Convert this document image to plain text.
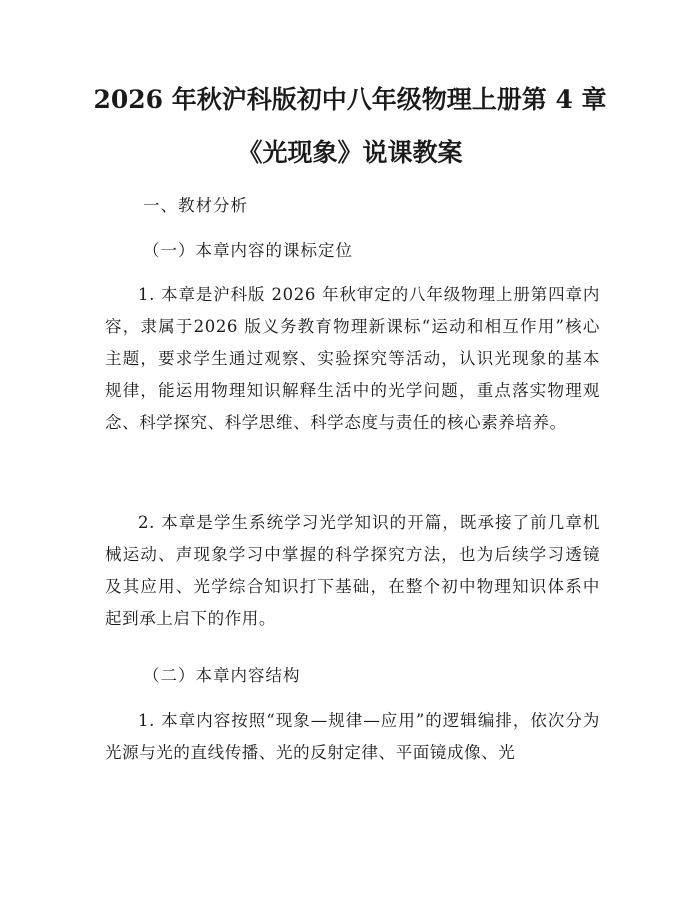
2026 年秋沪科版初中八年级物理上册第 4 章
《光现象》说课教案

一、教材分析

（一）本章内容的课标定位

1. 本章是沪科版 2026 年秋审定的八年级物理上册第四章内容，隶属于2026 版义务教育物理新课标“运动和相互作用”核心主题，要求学生通过观察、实验探究等活动，认识光现象的基本规律，能运用物理知识解释生活中的光学问题，重点落实物理观念、科学探究、科学思维、科学态度与责任的核心素养培养。

2. 本章是学生系统学习光学知识的开篇，既承接了前几章机械运动、声现象学习中掌握的科学探究方法，也为后续学习透镜及其应用、光学综合知识打下基础，在整个初中物理知识体系中起到承上启下的作用。

（二）本章内容结构

1. 本章内容按照“现象—规律—应用”的逻辑编排，依次分为光源与光的直线传播、光的反射定律、平面镜成像、光
